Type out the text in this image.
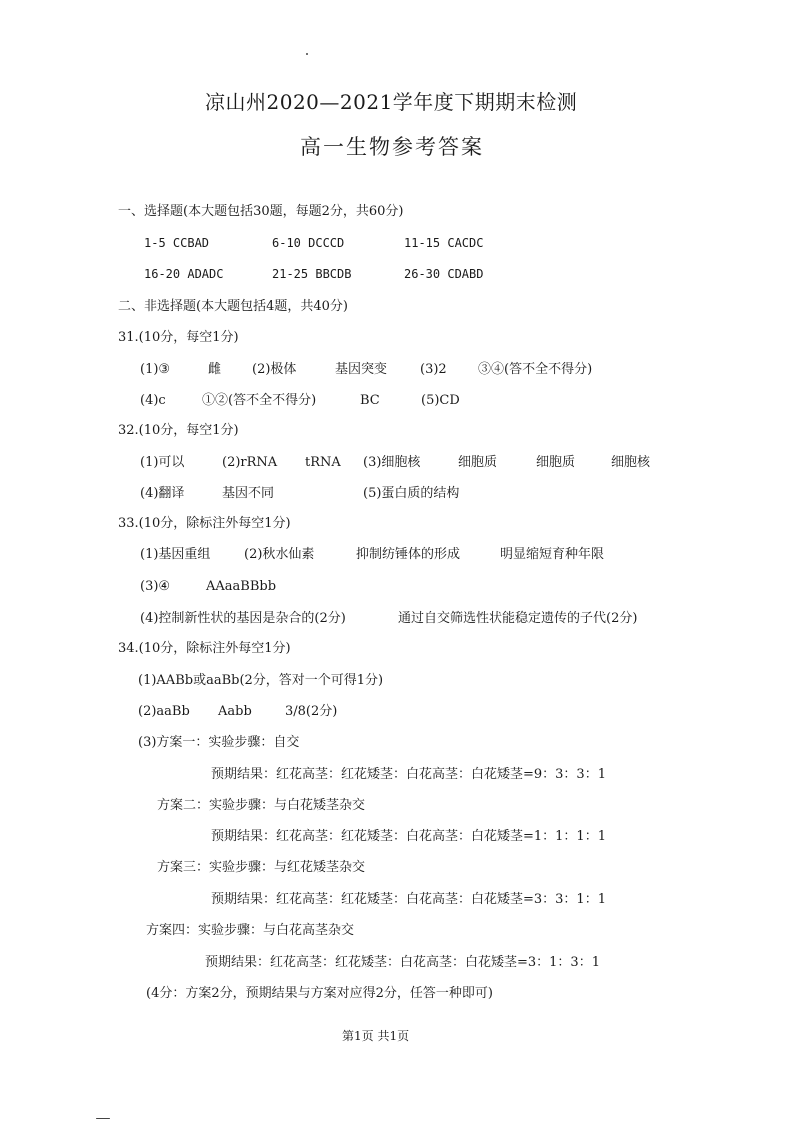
凉山州2020—2021学年度下期期末检测
高一生物参考答案
一、选择题(本大题包括30题，每题2分，共60分)
1-5 CCBAD	6-10 DCCCD	11-15 CACDC
16-20 ADADC	21-25 BBCDB	26-30 CDABD
二、非选择题(本大题包括4题，共40分)
31.(10分，每空1分)
(1)③	雌 (2)极体	基因突变	(3)2 ③④(答不全不得分)
(4)c	①②(答不全不得分)	BC	(5)CD
32.(10分，每空1分)
(1)可以	(2)rRNA tRNA (3)细胞核	细胞质	细胞质	细胞核
(4)翻译	基因不同	(5)蛋白质的结构
33.(10分，除标注外每空1分)
(1)基因重组	(2)秋水仙素	抑制纺锤体的形成	明显缩短育种年限
(3)④	AAaaBBbb
(4)控制新性状的基因是杂合的(2分)	通过自交筛选性状能稳定遗传的子代(2分)
34.(10分，除标注外每空1分)
(1)AABb或aaBb(2分，答对一个可得1分)
(2)aaBb Aabb	3/8(2分)
(3)方案一：实验步骤：自交
预期结果：红花高茎：红花矮茎：白花高茎：白花矮茎=9：3：3：1
方案二：实验步骤：与白花矮茎杂交
预期结果：红花高茎：红花矮茎：白花高茎：白花矮茎=1：1：1：1
方案三：实验步骤：与红花矮茎杂交
预期结果：红花高茎：红花矮茎：白花高茎：白花矮茎=3：3：1：1
方案四：实验步骤：与白花高茎杂交
预期结果：红花高茎：红花矮茎：白花高茎：白花矮茎=3：1：3：1
(4分：方案2分，预期结果与方案对应得2分，任答一种即可)
第1页 共1页
